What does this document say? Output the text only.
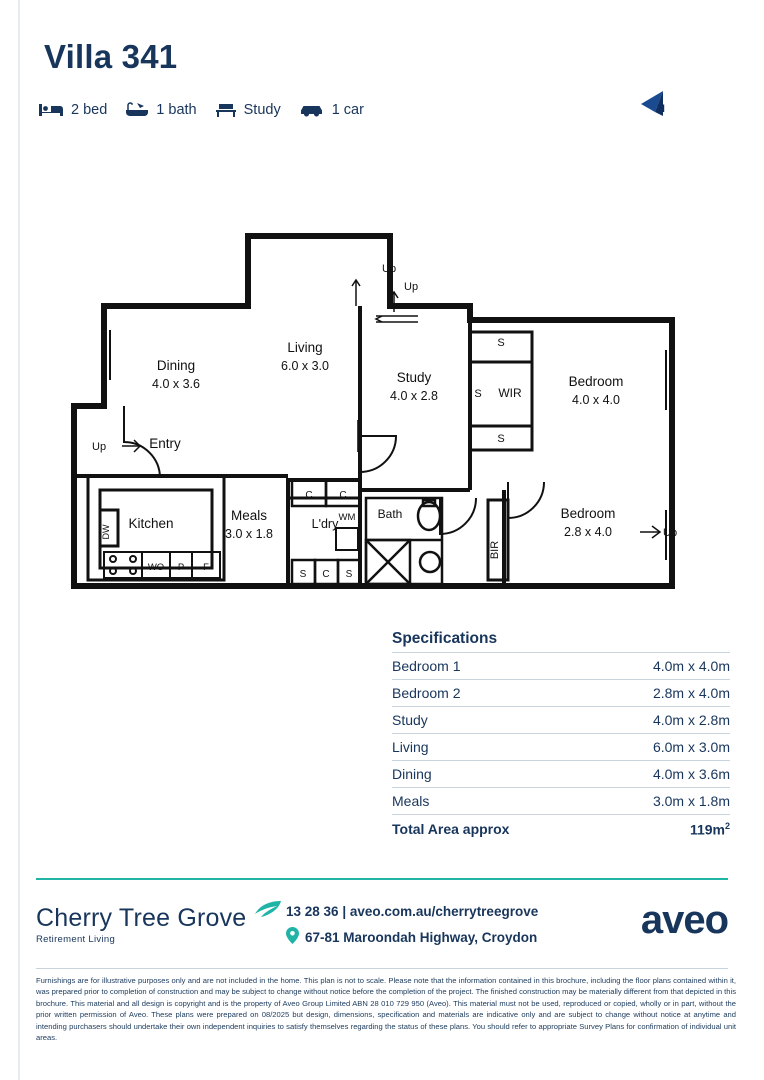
Villa 341
2 bed	1 bath	Study	1 car	N
S
S WIR
S
BIR
DW
WO P F
C	C
S C S
WM Bath
Up
Up
Up
Up
Dining
4.0 x 3.6
Living
6.0 x 3.0
Study
4.0 x 2.8
Bedroom
4.0 x 4.0
Bedroom
2.8 x 4.0
Meals
3.0 x 1.8
Entry
Kitchen	L'dry
Specifications
Bedroom 1	4.0m x 4.0m
Bedroom 2	2.8m x 4.0m
Study	4.0m x 2.8m
Living	6.0m x 3.0m
Dining	4.0m x 3.6m
Meals	3.0m x 1.8m
Total Area approx	$119m^2$
Cherry Tree Grove
Retirement Living
13 28 36 | aveo.com.au/cherrytreegrove
67-81 Maroondah Highway, Croydon	aveo
Furnishings are for illustrative purposes only and are not included in the home. This plan is not to scale. Please note that the information contained in this brochure, including the floor plans contained within it, was prepared prior to completion of construction and may be subject to change without notice before the completion of the project. The finished construction may be materially different from that depicted in this brochure. This material and all design is copyright and is the property of Aveo Group Limited ABN 28 010 729 950 (Aveo). This material must not be used, reproduced or copied, wholly or in part, without the prior written permission of Aveo. These plans were prepared on 08/2025 but design, dimensions, specification and materials are indicative only and are subject to change without notice at anytime and intending purchasers should undertake their own independent inquiries to satisfy themselves regarding the status of these plans. You should refer to appropriate Survey Plans for confirmation of individual unit areas.
